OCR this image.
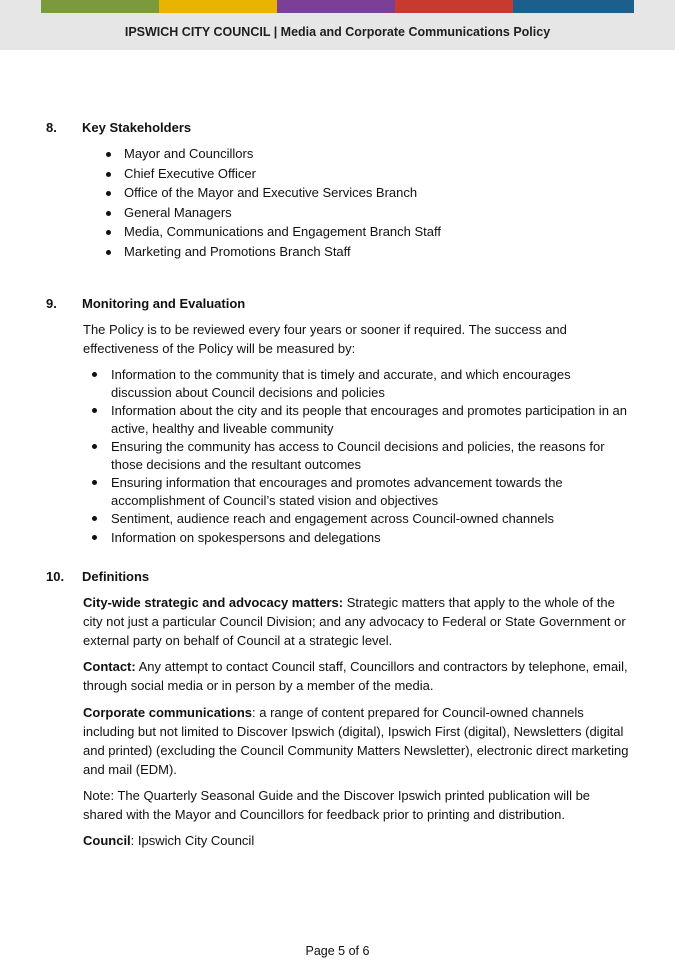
IPSWICH CITY COUNCIL | Media and Corporate Communications Policy
8. Key Stakeholders
Mayor and Councillors
Chief Executive Officer
Office of the Mayor and Executive Services Branch
General Managers
Media, Communications and Engagement Branch Staff
Marketing and Promotions Branch Staff
9. Monitoring and Evaluation

The Policy is to be reviewed every four years or sooner if required. The success and effectiveness of the Policy will be measured by:

Information to the community that is timely and accurate, and which encourages discussion about Council decisions and policies
Information about the city and its people that encourages and promotes participation in an active, healthy and liveable community
Ensuring the community has access to Council decisions and policies, the reasons for those decisions and the resultant outcomes
Ensuring information that encourages and promotes advancement towards the accomplishment of Council’s stated vision and objectives
Sentiment, audience reach and engagement across Council-owned channels
Information on spokespersons and delegations
10. Definitions

City-wide strategic and advocacy matters: Strategic matters that apply to the whole of the city not just a particular Council Division; and any advocacy to Federal or State Government or external party on behalf of Council at a strategic level.

Contact: Any attempt to contact Council staff, Councillors and contractors by telephone, email, through social media or in person by a member of the media.

Corporate communications: a range of content prepared for Council-owned channels including but not limited to Discover Ipswich (digital), Ipswich First (digital), Newsletters (digital and printed) (excluding the Council Community Matters Newsletter), electronic direct marketing and mail (EDM).

Note: The Quarterly Seasonal Guide and the Discover Ipswich printed publication will be shared with the Mayor and Councillors for feedback prior to printing and distribution.

Council: Ipswich City Council

Page 5 of 6
